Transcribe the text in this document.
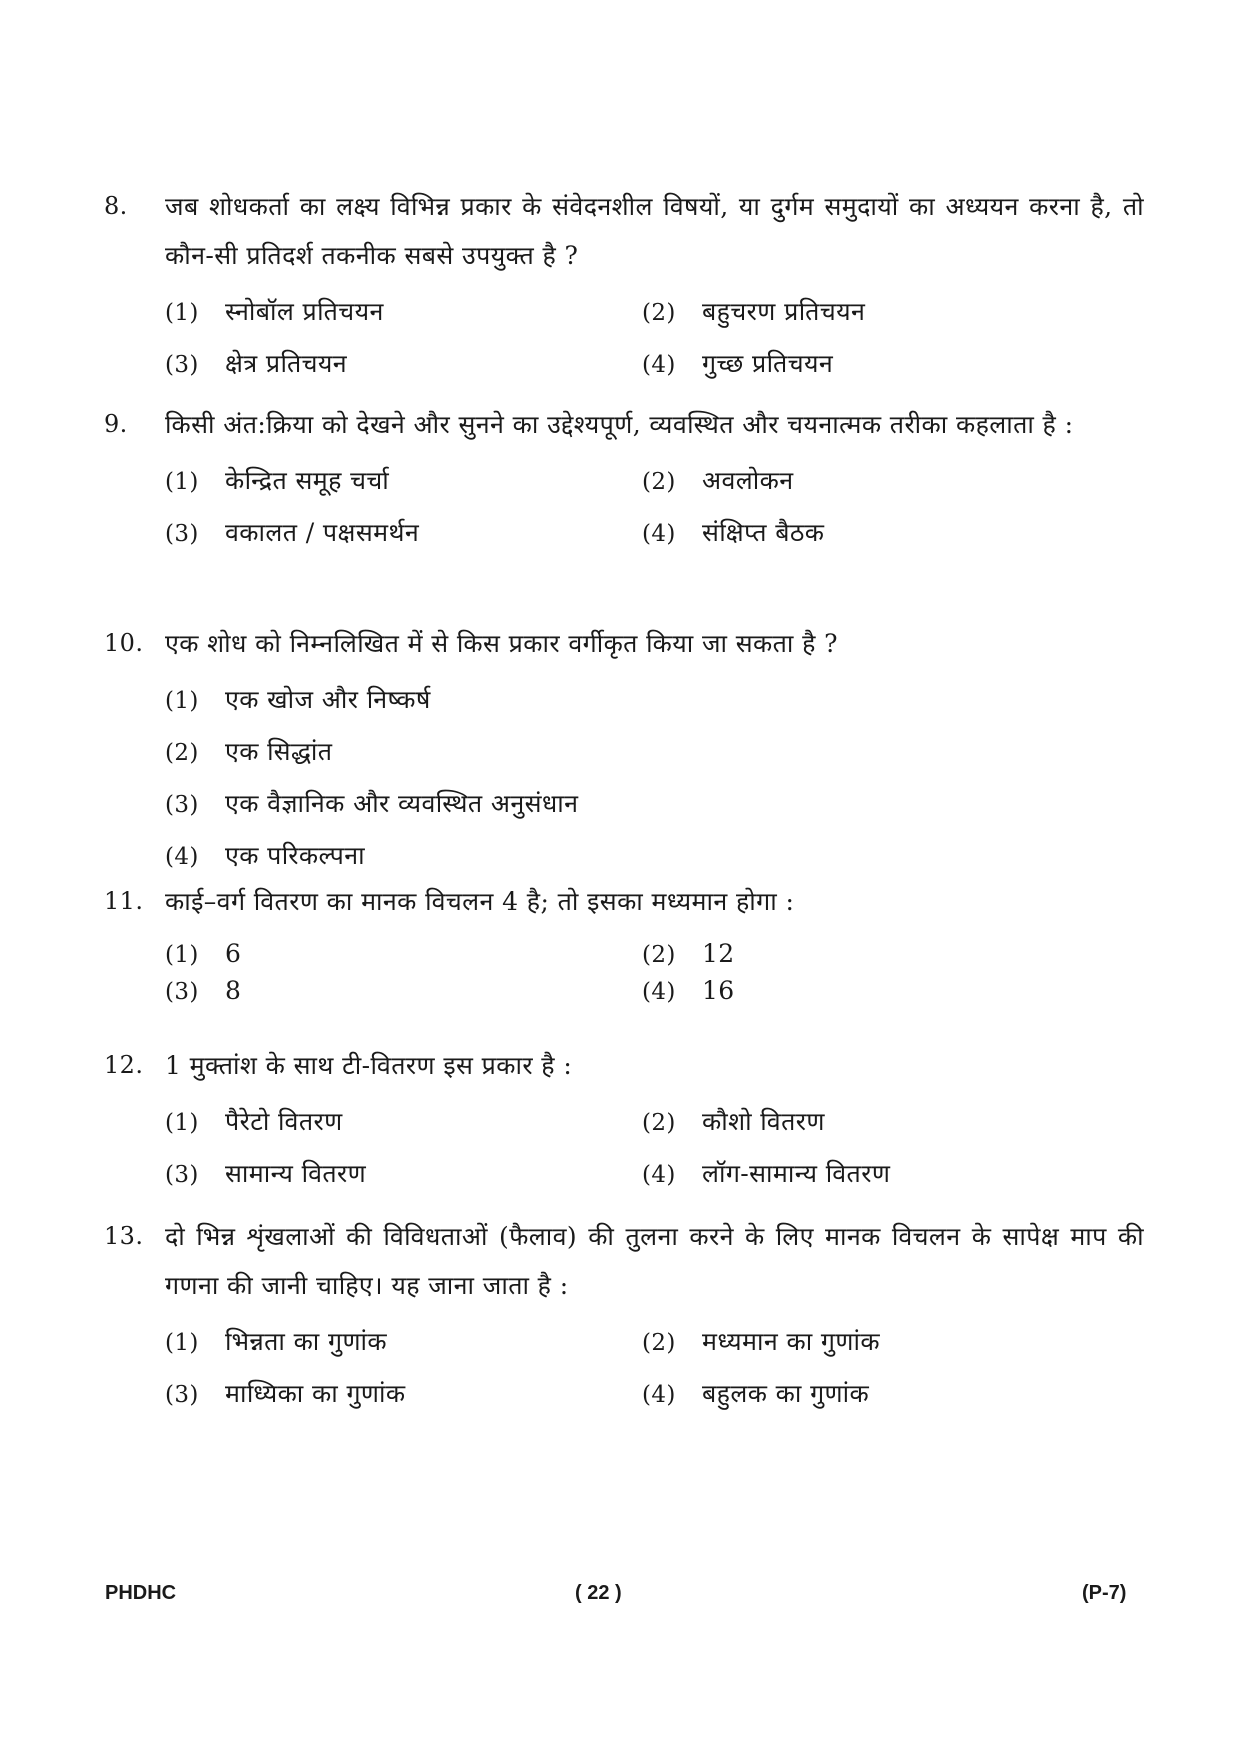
8. जब शोधकर्ता का लक्ष्य विभिन्न प्रकार के संवेदनशील विषयों, या दुर्गम समुदायों का अध्ययन करना है, तो कौन-सी प्रतिदर्श तकनीक सबसे उपयुक्त है ?
(1) स्नोबॉल प्रतिचयन	(2) बहुचरण प्रतिचयन
(3) क्षेत्र प्रतिचयन	(4) गुच्छ प्रतिचयन
9. किसी अंत:क्रिया को देखने और सुनने का उद्देश्यपूर्ण, व्यवस्थित और चयनात्मक तरीका कहलाता है :
(1) केन्द्रित समूह चर्चा	(2) अवलोकन
(3) वकालत / पक्षसमर्थन	(4) संक्षिप्त बैठक
10. एक शोध को निम्नलिखित में से किस प्रकार वर्गीकृत किया जा सकता है ?
(1) एक खोज और निष्कर्ष
(2) एक सिद्धांत
(3) एक वैज्ञानिक और व्यवस्थित अनुसंधान
(4) एक परिकल्पना
11. काई–वर्ग वितरण का मानक विचलन 4 है; तो इसका मध्यमान होगा :
(1) 6	(2) 12
(3) 8	(4) 16
12. 1 मुक्तांश के साथ टी-वितरण इस प्रकार है :
(1) पैरेटो वितरण	(2) कौशो वितरण
(3) सामान्य वितरण	(4) लॉग-सामान्य वितरण
13. दो भिन्न शृंखलाओं की विविधताओं (फैलाव) की तुलना करने के लिए मानक विचलन के सापेक्ष माप की गणना की जानी चाहिए। यह जाना जाता है :
(1) भिन्नता का गुणांक	(2) मध्यमान का गुणांक
(3) माध्यिका का गुणांक	(4) बहुलक का गुणांक
PHDHC	( 22 )	(P-7)
